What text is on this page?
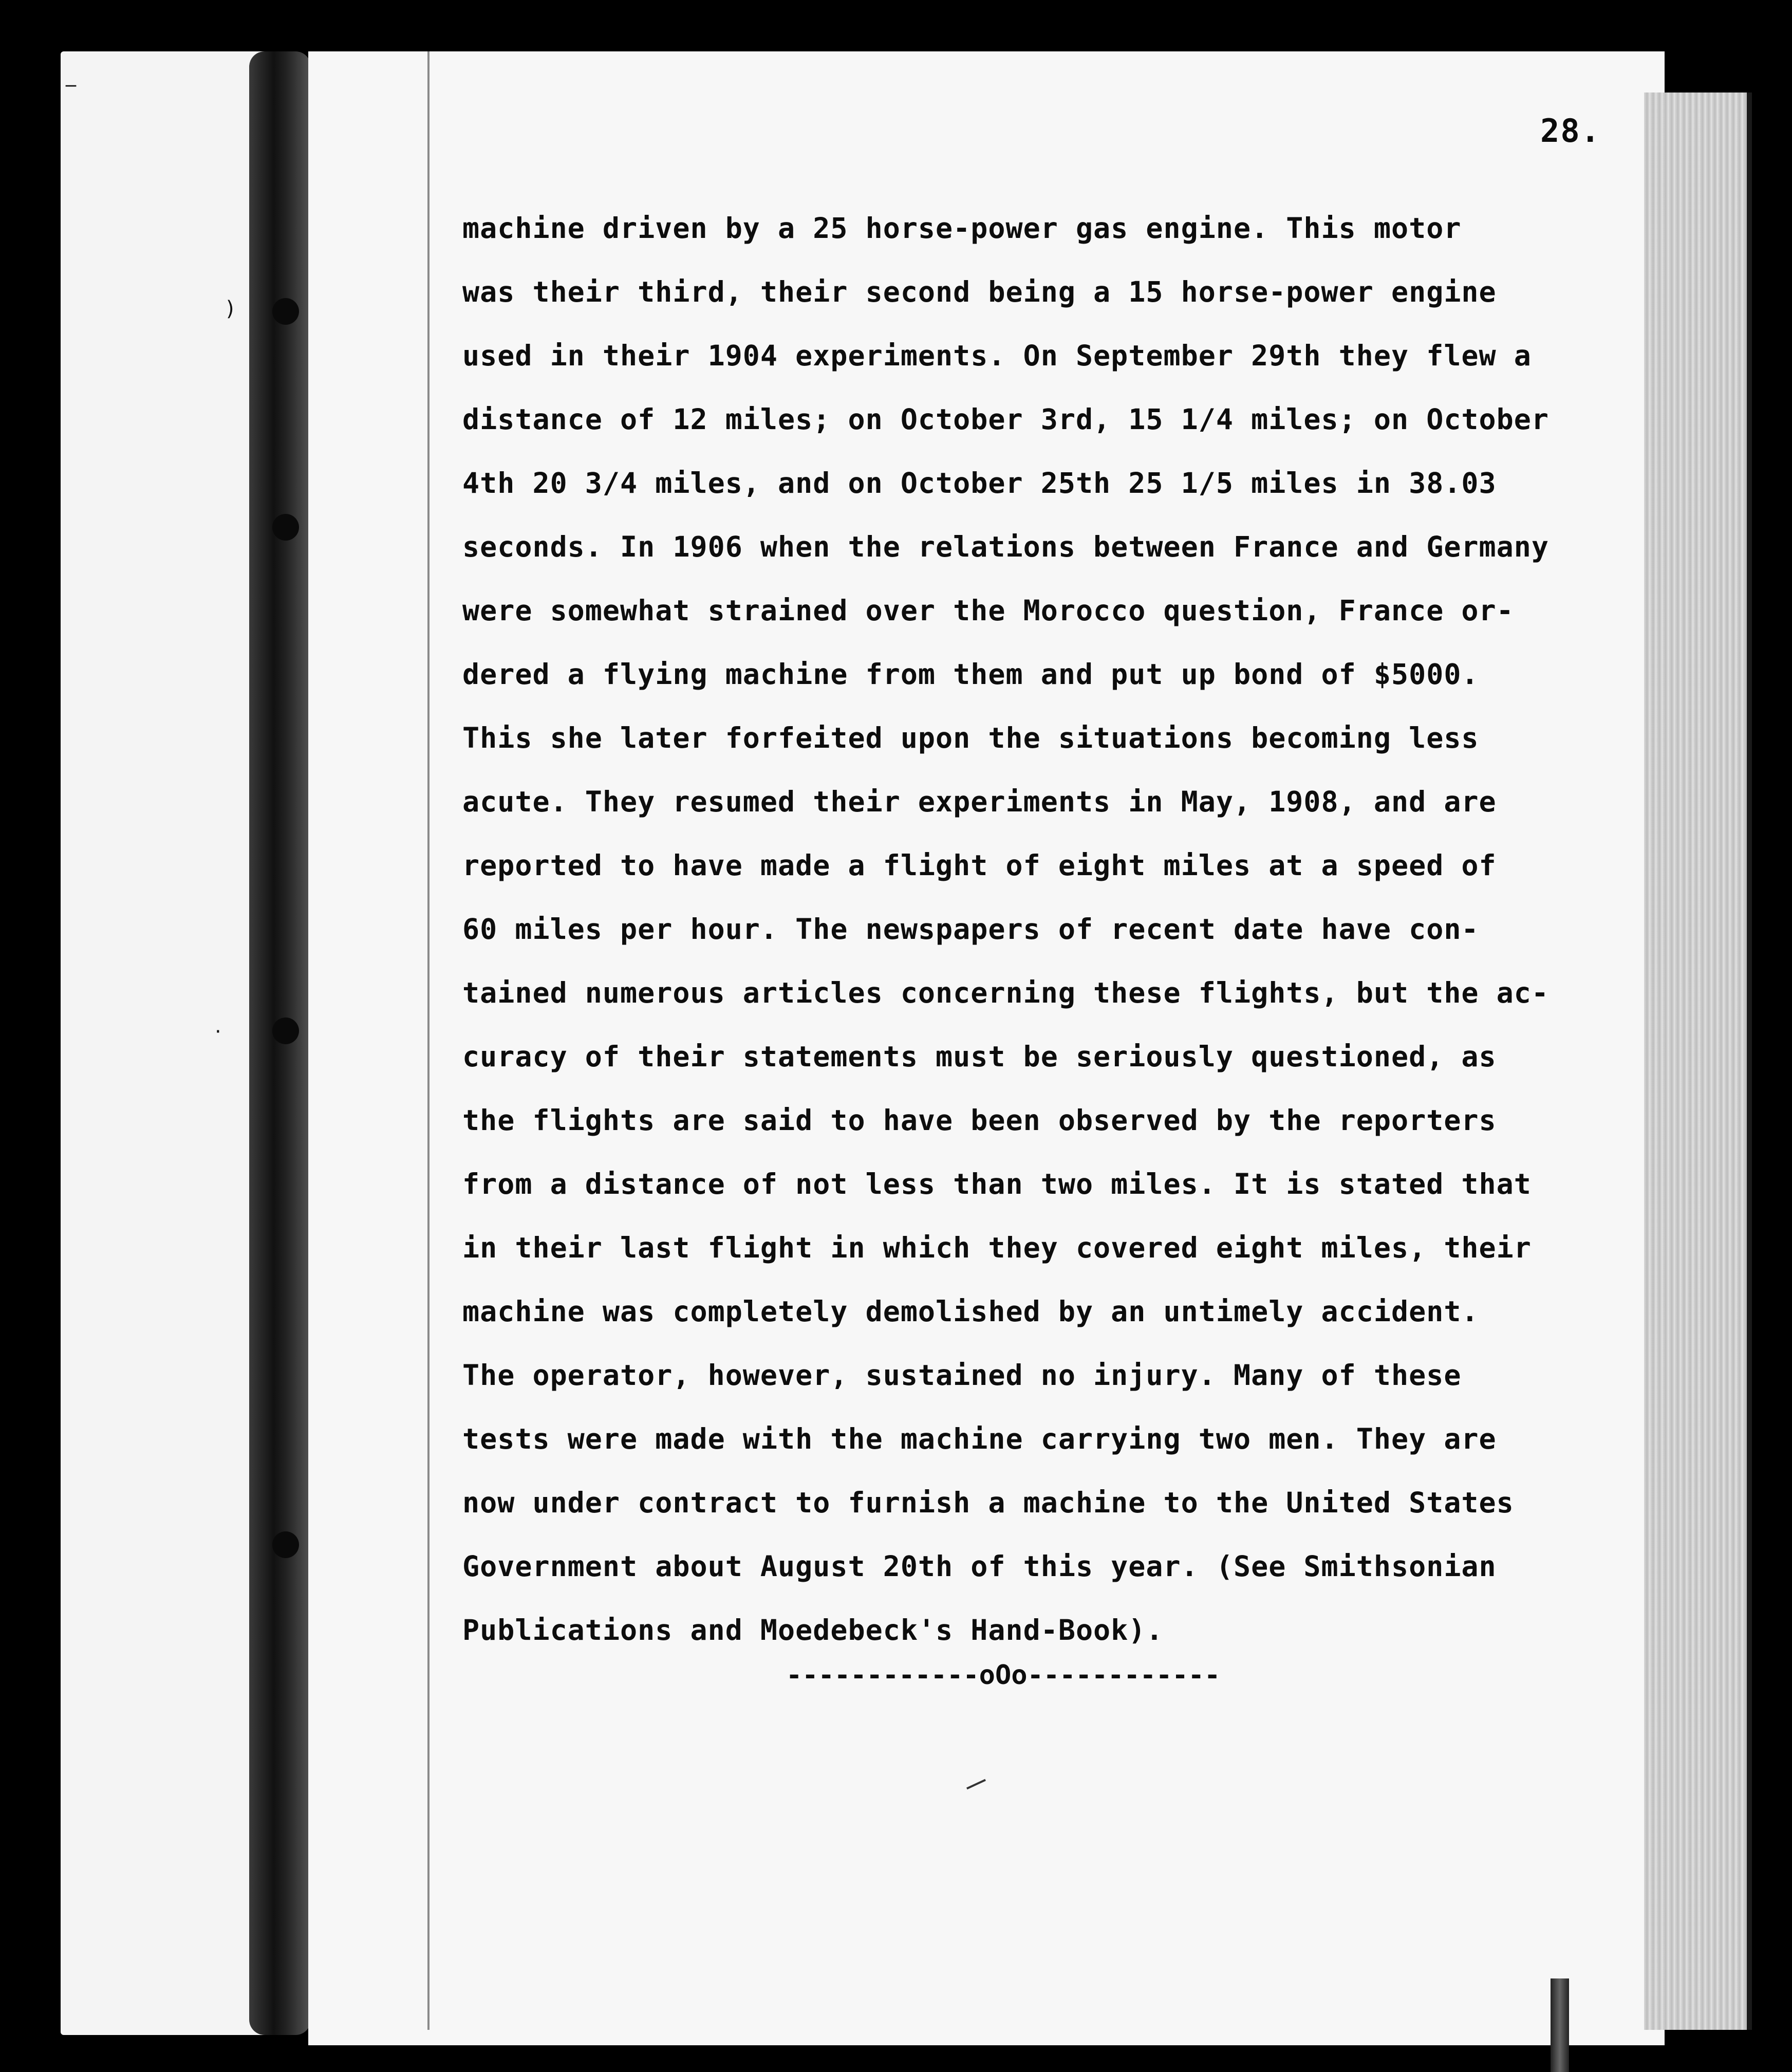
‾
)
·
28.
machine driven by a 25 horse-power gas engine. This motor
was their third, their second being a 15 horse-power engine
used in their 1904 experiments. On September 29th they flew a
distance of 12 miles; on October 3rd, 15 1/4 miles; on October
4th 20 3/4 miles, and on October 25th 25 1/5 miles in 38.03
seconds. In 1906 when the relations between France and Germany
were somewhat strained over the Morocco question, France or-
dered a flying machine from them and put up bond of $5000.
This she later forfeited upon the situations becoming less
acute. They resumed their experiments in May, 1908, and are
reported to have made a flight of eight miles at a speed of
60 miles per hour. The newspapers of recent date have con-
tained numerous articles concerning these flights, but the ac-
curacy of their statements must be seriously questioned, as
the flights are said to have been observed by the reporters
from a distance of not less than two miles. It is stated that
in their last flight in which they covered eight miles, their
machine was completely demolished by an untimely accident.
The operator, however, sustained no injury. Many of these
tests were made with the machine carrying two men. They are
now under contract to furnish a machine to the United States
Government about August 20th of this year. (See Smithsonian
Publications and Moedebeck's Hand-Book).
------------oOo------------
